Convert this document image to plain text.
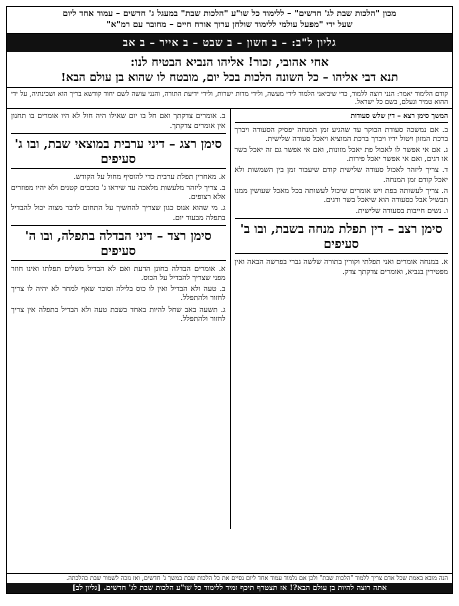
מכון "הלכות שבת לג' חדשים" – ללימוד כל שו"ע "הלכות שבת" במעגל ג' חדשים – עמוד אחד ליום
שעל ידי "מפעל עולמי ללימוד שולחן ערוך אורח חיים – מחובר עם רמ"א"
גליון ל"ב: – ב חשון – ב שבט – ב אייר – ב אב
אחי אהובי, זכור! אליהו הנביא הבטיח לנו:
תנא דבי אליהו – כל השונה הלכות בכל יום, מובטח לו שהוא בן עולם הבא!
קודם הלימוד יאמר: הנני רוצה ללמוד, כדי שיביאני הלמוד לידי מעשה, ולידי מדות ישרות, ולידי ידיעת התורה, והנני עושה לשם יחוד קודשא בריך הוא ושכינתיה, על ידי ההוא טמיר ונעלם, בשם כל ישראל.
המשך סימן רצא – דין שלש סעודות

ב. אם נמשכה סעודת הבוקר עד שהגיע זמן המנחה יפסיק הסעודה ויברך ברכת המזון ויטול ידיו ויברך ברכת המוציא ויאכל סעודה שלישית.

ג. אם אי אפשר לו לאכול פת יאכל מזונות, ואם אי אפשר גם זה יאכל בשר או דגים, ואם אי אפשר יאכל פירות.

ד. צריך ליזהר לאכול סעודה שלישית קודם שיעבור זמן בין השמשות ולא יאכל קודם זמן המנחה.

ה. צריך לעשותה בפת ויש אומרים שיכול לעשותה בכל מאכל שעושין ממנו תבשיל אבל כסעודה הוא שיאכל בשר ודגים.

ו. נשים חייבות בסעודה שלישית.

סימן רצב – דין תפלת מנחה בשבת, ובו ב' סעיפים

א. במנחה אומרים ואני תפלתי וקורין בתורה שלשה גברי בפרשה הבאה ואין מפטירין בנביא, ואומרים צדקתך צדק.

ב. אומרים צדקתך ואם חל בו יום שאילו היה חול לא היו אומרים בו תחנון אין אומרים צדקתך.

סימן רצג – דיני ערבית במוצאי שבת, ובו ג' סעיפים

א. מאחרין תפלת ערבית כדי להוסיף מחול על הקודש.

ב. צריך ליזהר מלעשות מלאכה עד שיראו ג' כוכבים קטנים ולא יהיו מפוזרים אלא רצופים.

ג. מי שהוא אנוס כגון שצריך להחשיך על התחום לדבר מצוה יכול להבדיל בתפלה מבעוד יום.

סימן רצד – דיני הבדלה בתפלה, ובו ה' סעיפים

א. אומרים הבדלה בחונן הדעת ואם לא הבדיל משלים תפלתו ואינו חוזר מפני שצריך להבדיל על הכוס.

ב. טעה ולא הבדיל ואין לו כוס בלילה וסובר שאף למחר לא יהיה לו צריך לחזור ולהתפלל.

ג. תשעה באב שחל להיות באחד בשבת טעה ולא הבדיל בתפלה אין צריך לחזור ולהתפלל.

הנה מובא באמת שכל אדם צריך ללמוד "הלכות שבת" ולכן אם נלמוד עמוד אחד ליום נסיים את כל הלכות שבת במשך ג' חדשים, ואז נזכה לשמור שבת כהלכתה.
אתה רוצה להיות בן עולם הבא?! אז תצטרף תיכף ומיד ללימוד כל שו"ע הלכות שבת לג' חדשים. [גליון לב]
